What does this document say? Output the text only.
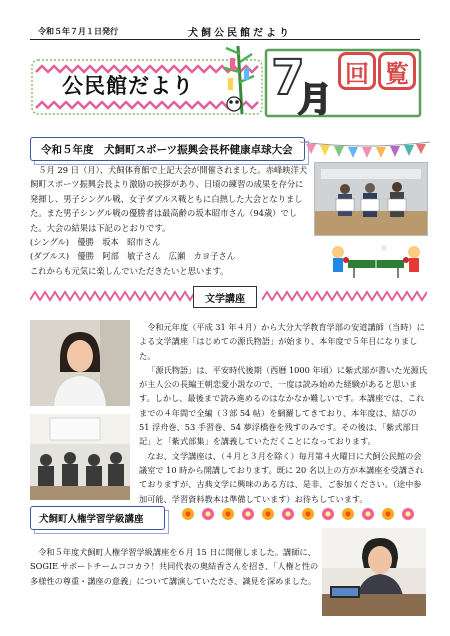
令和５年７月１日発行	犬飼公民館だより
公民館だより 7
月
回 覧
令和５年度　犬飼町スポーツ振興会長杯健康卓球大会

５月 29 日（月）、犬飼体育館で上記大会が開催されました。赤峰映洋犬飼町スポーツ振興会長より激励の挨拶があり、日頃の練習の成果を存分に発揮し、男子シングル戦、女子ダブルス戦ともに白熱した大会となりました。また男子シングル戦の優勝者は最高齢の坂本昭市さん（94歳）でした。大会の結果は下記のとおりです。

(シングル)　優勝　坂本　昭市さん

(ダブルス)　優勝　阿部　敏子さん　広瀬　カヨ子さん

これからも元気に楽しんでいただきたいと思います。

文学講座

令和元年度（平成 31 年４月）から大分大学教育学部の安道講師（当時）による文学講座「はじめての源氏物語」が始まり、本年度で５年目になりました。

「源氏物語」は、平安時代後期（西暦 1000 年頃）に紫式部が書いた光源氏が主人公の長編王朝恋愛小説なので、一度は読み始めた経験があると思います。しかし、最後まで読み進めるのはなかなか難しいです。本講座では、これまでの４年間で全編（３部 54 帖）を網羅してきており、本年度は、結びの 51 浮舟巻、53 手習巻、54 夢浮橋巻を残すのみです。その後は、「紫式部日記」と「紫式部集」を講義していただくことになっております。

なお、文学講座は、（４月と３月を除く）毎月第４火曜日に犬飼公民館の会議室で 10 時から開講しております。既に 20 名以上の方が本講座を受講されておりますが、古典文学に興味のある方は、是非、ご参加ください。（途中参加可能、学習資料教本は準備しています）お待ちしています。

犬飼町人権学習学級講座

令和５年度犬飼町人権学習学級講座を６月 15 日に開催しました。講師に、SOGIE サポートチームココカラ！共同代表の奥結香さんを招き、「人権と性の多様性の尊重・講座の意義」について講演していただき、識見を深めました。
